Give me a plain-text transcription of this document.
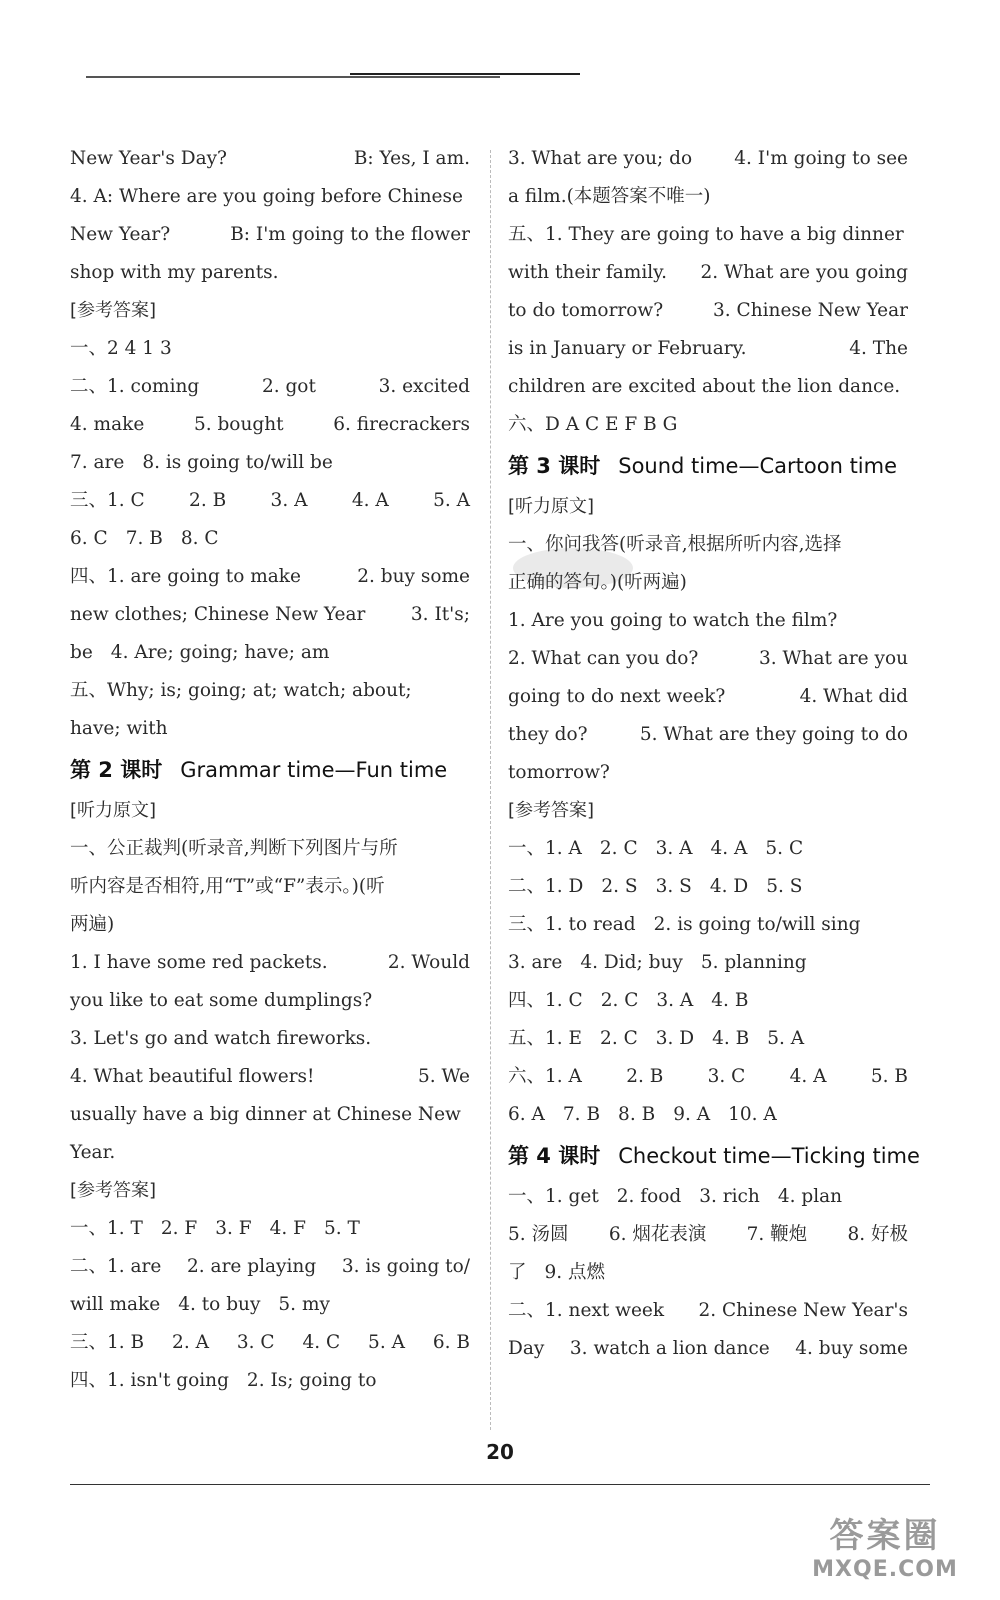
New Year's Day?	B: Yes, I am.
4. A: Where are you going before Chinese
New Year?	B: I'm going to the flower
shop with my parents.
[参考答案]
一、2 4 1 3
二、1. coming	2. got	3. excited
4. make	5. bought	6. firecrackers
7. are 8. is going to/will be
三、1. C 2. B 3. A 4. A 5. A
6. C 7. B 8. C
四、1. are going to make	2. buy some
new clothes; Chinese New Year 3. It's;
be 4. Are; going; have; am
五、Why; is; going; at; watch; about;
have; with
第 2 课时 Grammar time—Fun time
[听力原文]
一、公正裁判(听录音,判断下列图片与所
听内容是否相符,用“T”或“F”表示。)(听
两遍)
1. I have some red packets.	2. Would
you like to eat some dumplings?
3. Let's go and watch fireworks.
4. What beautiful flowers!	5. We
usually have a big dinner at Chinese New
Year.
[参考答案]
一、1. T 2. F 3. F 4. F 5. T
二、1. are 2. are playing 3. is going to/
will make 4. to buy 5. my
三、1. B 2. A 3. C 4. C 5. A 6. B
四、1. isn't going 2. Is; going to
3. What are you; do 4. I'm going to see
a film.(本题答案不唯一)
五、1. They are going to have a big dinner
with their family. 2. What are you going
to do tomorrow?	3. Chinese New Year
is in January or February.	4. The
children are excited about the lion dance.
六、D A C E F B G
第 3 课时 Sound time—Cartoon time
[听力原文]
一、你问我答(听录音,根据所听内容,选择
正确的答句。)(听两遍)
1. Are you going to watch the film?
2. What can you do?	3. What are you
going to do next week?	4. What did
they do?	5. What are they going to do
tomorrow?
[参考答案]
一、1. A 2. C 3. A 4. A 5. C
二、1. D 2. S 3. S 4. D 5. S
三、1. to read 2. is going to/will sing
3. are 4. Did; buy 5. planning
四、1. C 2. C 3. A 4. B
五、1. E 2. C 3. D 4. B 5. A
六、1. A 2. B 3. C 4. A 5. B
6. A 7. B 8. B 9. A 10. A
第 4 课时 Checkout time—Ticking time
一、1. get 2. food 3. rich 4. plan
5. 汤圆 6. 烟花表演 7. 鞭炮 8. 好极
了 9. 点燃
二、1. next week 2. Chinese New Year's
Day 3. watch a lion dance 4. buy some
20
答案圈
MXQE.COM
